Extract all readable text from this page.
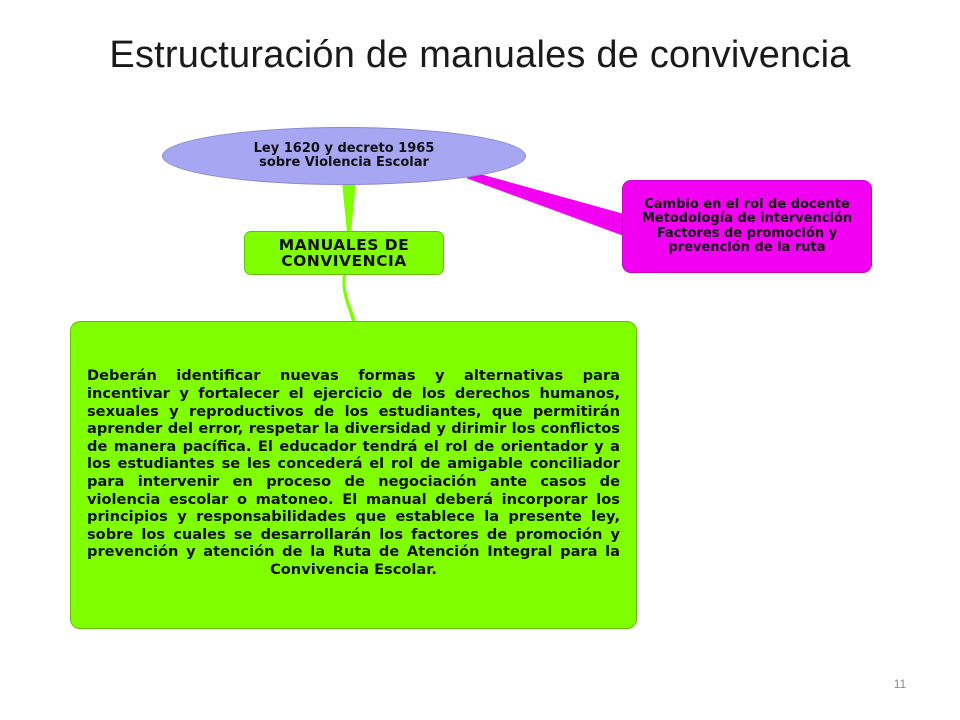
Estructuración de manuales de convivencia
Ley 1620 y decreto 1965 sobre Violencia Escolar
Cambio en el rol de docente Metodología de intervención Factores de promoción y prevención de la ruta
MANUALES DE CONVIVENCIA
Deberán identificar nuevas formas y alternativas para incentivar y fortalecer el ejercicio de los derechos humanos, sexuales y reproductivos de los estudiantes, que permitirán aprender del error, respetar la diversidad y dirimir los conflictos de manera pacífica. El educador tendrá el rol de orientador y a los estudiantes se les concederá el rol de amigable conciliador para intervenir en proceso de negociación ante casos de violencia escolar o matoneo. El manual deberá incorporar los principios y responsabilidades que establece la presente ley, sobre los cuales se desarrollarán los factores de promoción y prevención y atención de la Ruta de Atención Integral para la Convivencia Escolar.
11
